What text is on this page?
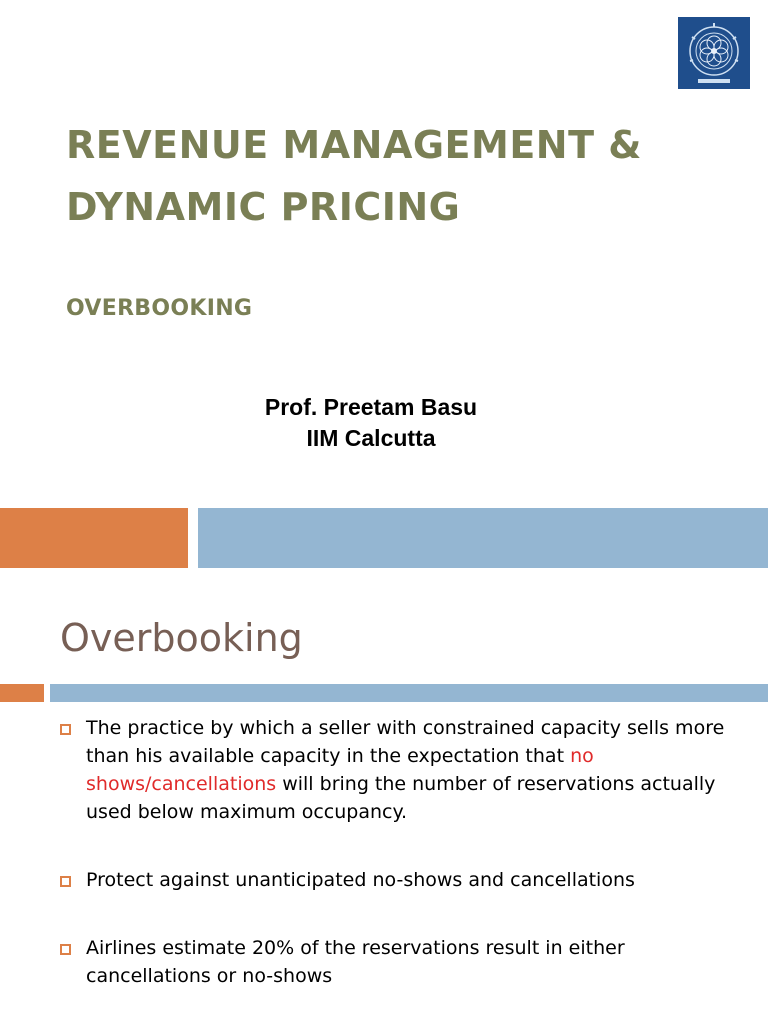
REVENUE MANAGEMENT &
DYNAMIC PRICING
OVERBOOKING
Prof. Preetam Basu
IIM Calcutta
Overbooking
The practice by which a seller with constrained capacity sells more than his available capacity in the expectation that no shows/cancellations will bring the number of reservations actually used below maximum occupancy.
Protect against unanticipated no-shows and cancellations
Airlines estimate 20% of the reservations result in either cancellations or no-shows
